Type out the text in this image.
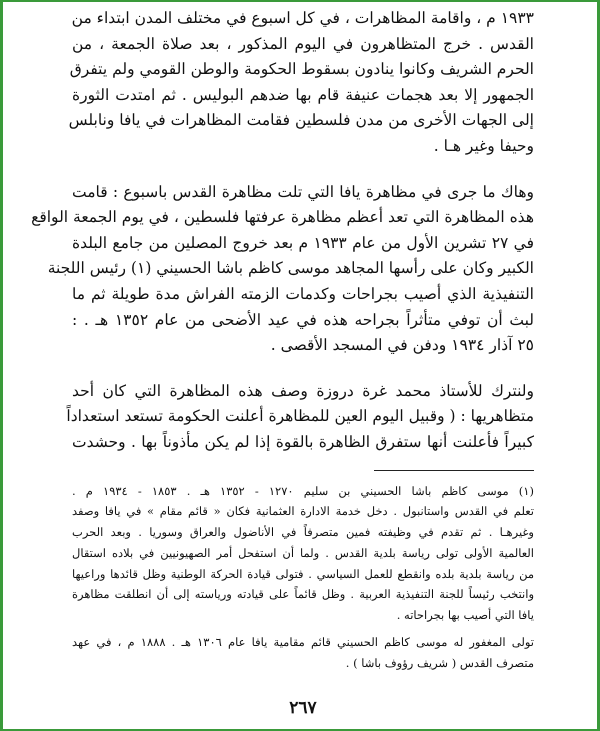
١٩٣٣ م ، واقامة المظاهرات ، في كل اسبوع في مختلف المدن ابتداء من
القدس . خرج المتظاهرون في اليوم المذكور ، بعد صلاة الجمعة ، من
الحرم الشريف وكانوا ينادون بسقوط الحكومة والوطن القومي ولم يتفرق
الجمهور إلا بعد هجمات عنيفة قام بها ضدهم البوليس . ثم امتدت الثورة
إلى الجهات الأخرى من مدن فلسطين فقامت المظاهرات في يافا ونابلس
وحيفا وغير هـا .
وهاك ما جرى في مظاهرة يافا التي تلت مظاهرة القدس باسبوع : قامت
هذه المظاهرة التي تعد أعظم مظاهرة عرفتها فلسطين ، في يوم الجمعة الواقع
في ٢٧ تشرين الأول من عام ١٩٣٣ م بعد خروج المصلين من جامع البلدة
الكبير وكان على رأسها المجاهد موسى كاظم باشا الحسيني (١) رئيس اللجنة
التنفيذية الذي أصيب بجراحات وكدمات الزمته الفراش مدة طويلة ثم ما
لبث أن توفي متأثراً بجراحه هذه في عيد الأضحى من عام ١٣٥٢ هـ . :
٢٥ آذار ١٩٣٤ ودفن في المسجد الأقصى .
ولنترك للأستاذ محمد غرة دروزة وصف هذه المظاهرة التي كان أحد
متظاهريها : ( وقبيل اليوم العين للمظاهرة أعلنت الحكومة تستعد استعداداً
كبيراً فأعلنت أنها ستفرق الظاهرة بالقوة إذا لم يكن مأذوناً بها . وحشدت
(١) موسى كاظم باشا الحسيني بن سليم ١٢٧٠ - ١٣٥٢ هـ . ١٨٥٣ - ١٩٣٤ م .
تعلم في القدس واستانبول . دخل خدمة الادارة العثمانية فكان « قائم مقام » في يافا وصفد
وغيرهـا . ثم تقدم في وظيفته فمين متصرفاً في الأناضول والعراق وسوريا . وبعد الحرب
العالمية الأولى تولى رياسة بلدية القدس . ولما أن استفحل أمر الصهيونيين في بلاده استقال
من رياسة بلدية بلده وانقطع للعمل السياسي . فتولى قيادة الحركة الوطنية وظل قائدها وراعيها
وانتخب رئيساً للجنة التنفيذية العربية . وظل قائماً على قيادته ورياسته إلى أن انطلقت مظاهرة
يافا التي أصيب بها بجراحاته .
تولى المغفور له موسى كاظم الحسيني قائم مقامية يافا عام ١٣٠٦ هـ . ١٨٨٨ م ، في عهد
متصرف القدس ( شريف رؤوف باشا ) .
٢٦٧
